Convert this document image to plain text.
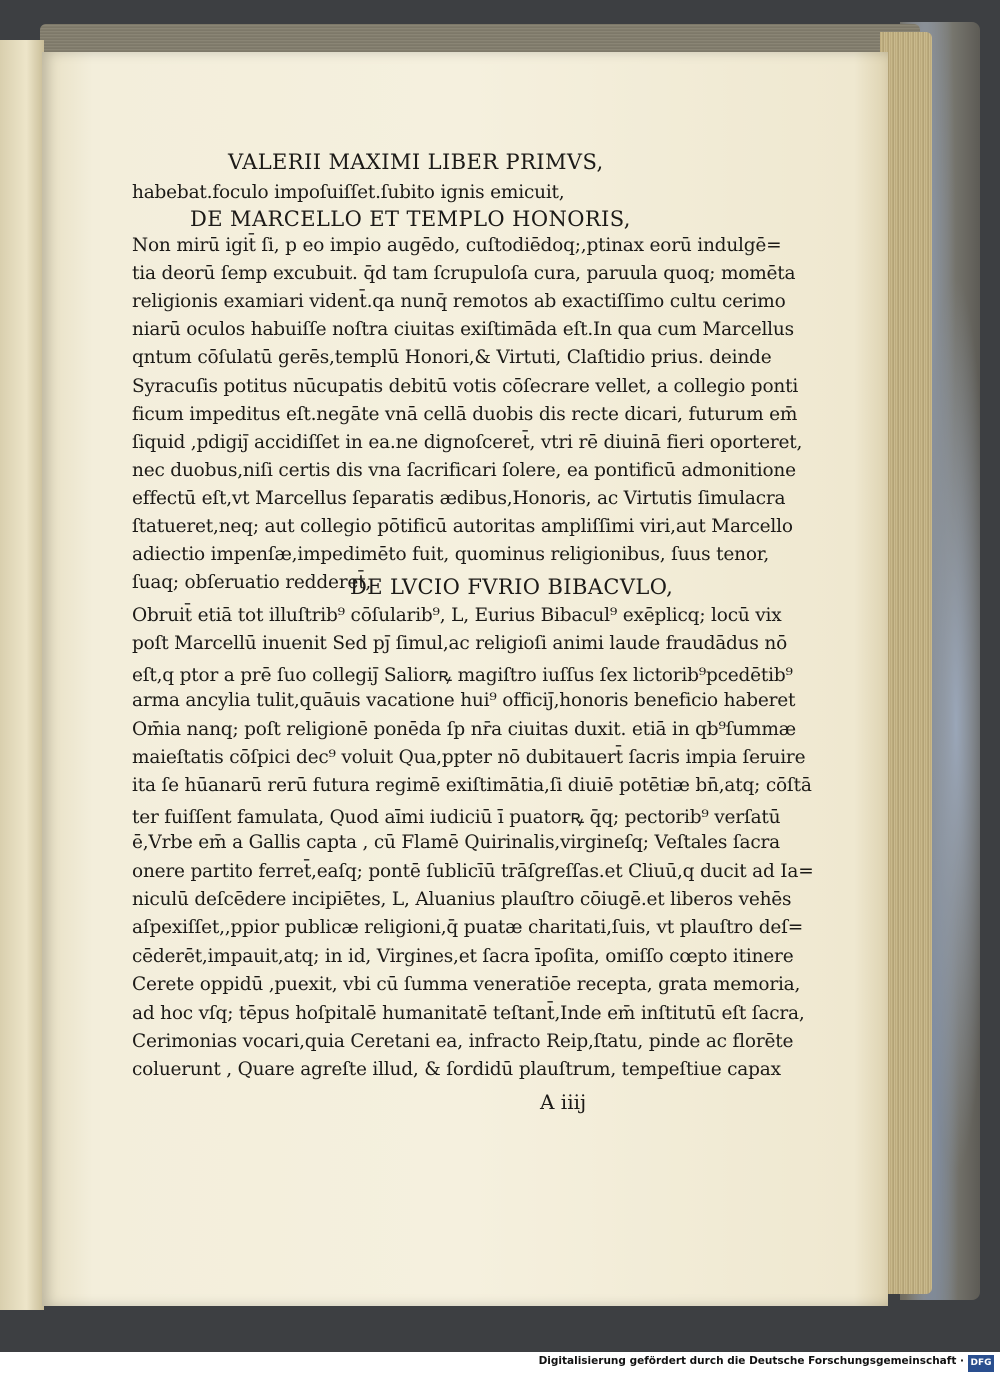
VALERII MAXIMI LIBER PRIMVS,
habebat.foculo impoſuiſſet.ſubito ignis emicuit,
DE MARCELLO ET TEMPLO HONORIS,
Non mirū igit̄ ſi, p eo impio augēdo, cuſtodiēdoq;,ptinax eorū indulgē=
tia deorū ſemp excubuit. q̄d tam ſcrupuloſa cura, paruula quoq; momēta
religionis examiari vident̄.qa nunq̄ remotos ab exactiſſimo cultu cerimo
niarū oculos habuiſſe noſtra ciuitas exiſtimāda eſt.In qua cum Marcellus
qntum cōſulatū gerēs,templū Honori,& Virtuti, Claſtidio prius. deinde
Syracuſis potitus nūcupatis debitū votis cōſecrare vellet, a collegio ponti
ficum impeditus eſt.negāte vnā cellā duobis dis recte dicari, futurum em̄
ſiquid ,pdigiȷ̄ accidiſſet in ea.ne dignoſceret̄, vtri rē diuinā fieri oporteret,
nec duobus,niſi certis dis vna ſacrificari ſolere, ea pontificū admonitione
effectū eſt,vt Marcellus ſeparatis ædibus,Honoris, ac Virtutis ſimulacra
ſtatueret,neq; aut collegio pōtificū autoritas ampliſſimi viri,aut Marcello
adiectio impenſæ,impedimēto fuit, quominus religionibus, ſuus tenor,
ſuaq; obſeruatio redderet̄,
DE LVCIO FVRIO BIBACVLO,
Obruit̄ etiā tot illuſtrib⁹ cōſularib⁹, L, Eurius Bibacul⁹ exēplicq; locū vix
poſt Marcellū inuenit Sed pȷ̄ ſimul,ac religioſi animi laude fraudādus nō
eſt,q ptor a prē ſuo collegiȷ̄ Saliorꝶ magiſtro iuſſus ſex lictorib⁹pcedētib⁹
arma ancylia tulit,quāuis vacatione hui⁹ officiȷ̄,honoris beneficio haberet
Om̄ia nanq; poſt religionē ponēda ſp nr̄a ciuitas duxit. etiā in qb⁹ſummæ
maieſtatis cōſpici dec⁹ voluit Qua,ppter nō dubitauert̄ ſacris impia ſeruire
ita ſe hūanarū rerū futura regimē exiſtimātia,ſi diuiē potētiæ bn̄,atq; cōſtā
ter fuiſſent famulata, Quod aīmi iudiciū ī puatorꝶ q̄q; pectorib⁹ verſatū
ē,Vrbe em̄ a Gallis capta , cū Flamē Quirinalis,virgineſq; Veſtales ſacra
onere partito ferret̄,eaſq; pontē ſublicīū trāſgreſſas.et Cliuū,q ducit ad Ia=
niculū deſcēdere incipiētes, L, Aluanius plauſtro cōiugē.et liberos vehēs
aſpexiſſet,,ppior publicæ religioni,q̄ puatæ charitati,ſuis, vt plauſtro deſ=
cēderēt,impauit,atq; in id, Virgines,et ſacra īpoſita, omiſſo cœpto itinere
Cerete oppidū ,puexit, vbi cū ſumma veneratiōe recepta, grata memoria,
ad hoc vſq; tēpus hoſpitalē humanitatē teſtant̄,Inde em̄ inſtitutū eſt ſacra,
Cerimonias vocari,quia Ceretani ea, infracto Reip,ſtatu, pinde ac florēte
coluerunt , Quare agreſte illud, & ſordidū plauſtrum, tempeſtiue capax
A iiij
Digitalisierung gefördert durch die Deutsche Forschungsgemeinschaft · DFG
